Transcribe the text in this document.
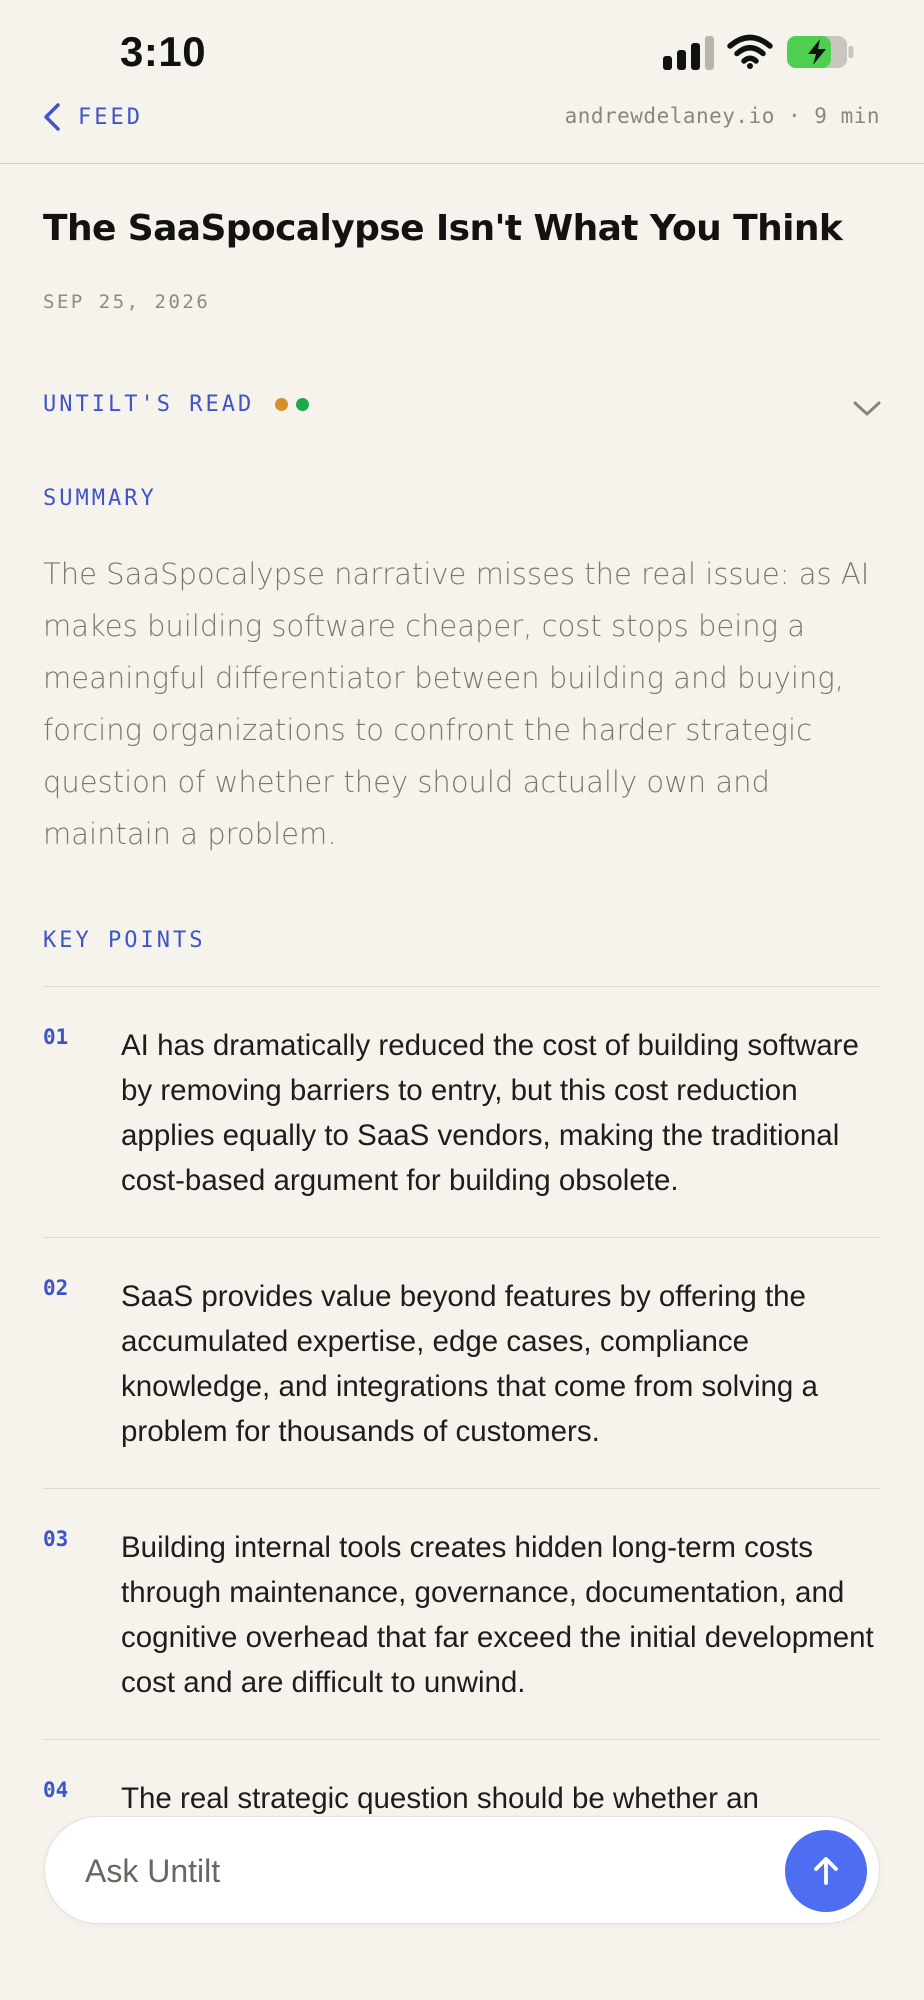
3:10
FEED	andrewdelaney.io · 9 min
The SaaSpocalypse Isn't What You Think
SEP 25, 2026
UNTILT'S READ
SUMMARY

The SaaSpocalypse narrative misses the real issue: as AI makes building software cheaper, cost stops being a meaningful differentiator between building and buying, forcing organizations to confront the harder strategic question of whether they should actually own and maintain a problem.

KEY POINTS
01 AI has dramatically reduced the cost of building software by removing barriers to entry, but this cost reduction applies equally to SaaS vendors, making the traditional cost-based argument for building obsolete.

02 SaaS provides value beyond features by offering the accumulated expertise, edge cases, compliance knowledge, and integrations that come from solving a problem for thousands of customers.

03 Building internal tools creates hidden long-term costs through maintenance, governance, documentation, and cognitive overhead that far exceed the initial development cost and are difficult to unwind.

04 The real strategic question should be whether an

Ask Untilt
